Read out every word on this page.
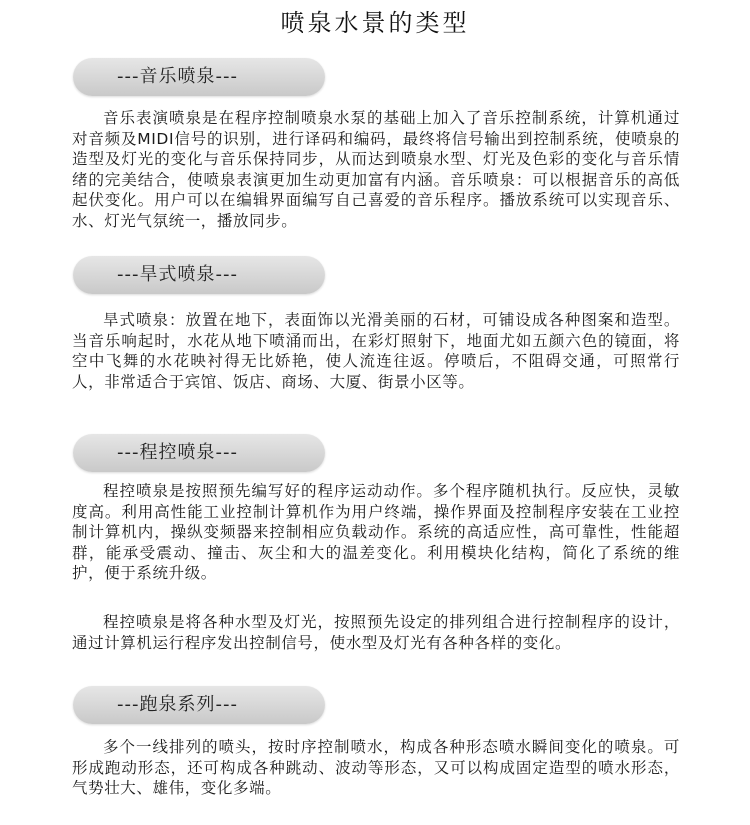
喷泉水景的类型
---音乐喷泉---

音乐表演喷泉是在程序控制喷泉水泵的基础上加入了音乐控制系统，计算机通过对音频及MIDI信号的识别，进行译码和编码，最终将信号输出到控制系统，使喷泉的造型及灯光的变化与音乐保持同步，从而达到喷泉水型、灯光及色彩的变化与音乐情绪的完美结合，使喷泉表演更加生动更加富有内涵。音乐喷泉：可以根据音乐的高低起伏变化。用户可以在编辑界面编写自己喜爱的音乐程序。播放系统可以实现音乐、水、灯光气氛统一，播放同步。

---旱式喷泉---

旱式喷泉：放置在地下，表面饰以光滑美丽的石材，可铺设成各种图案和造型。当音乐响起时，水花从地下喷涌而出，在彩灯照射下，地面尤如五颜六色的镜面，将空中飞舞的水花映衬得无比娇艳，使人流连往返。停喷后，不阻碍交通，可照常行人，非常适合于宾馆、饭店、商场、大厦、街景小区等。

---程控喷泉---

程控喷泉是按照预先编写好的程序运动动作。多个程序随机执行。反应快，灵敏度高。利用高性能工业控制计算机作为用户终端，操作界面及控制程序安装在工业控制计算机内，操纵变频器来控制相应负载动作。系统的高适应性，高可靠性，性能超群，能承受震动、撞击、灰尘和大的温差变化。利用模块化结构，简化了系统的维护，便于系统升级。

程控喷泉是将各种水型及灯光，按照预先设定的排列组合进行控制程序的设计，通过计算机运行程序发出控制信号，使水型及灯光有各种各样的变化。

---跑泉系列---

多个一线排列的喷头，按时序控制喷水，构成各种形态喷水瞬间变化的喷泉。可形成跑动形态，还可构成各种跳动、波动等形态，又可以构成固定造型的喷水形态，气势壮大、雄伟，变化多端。
